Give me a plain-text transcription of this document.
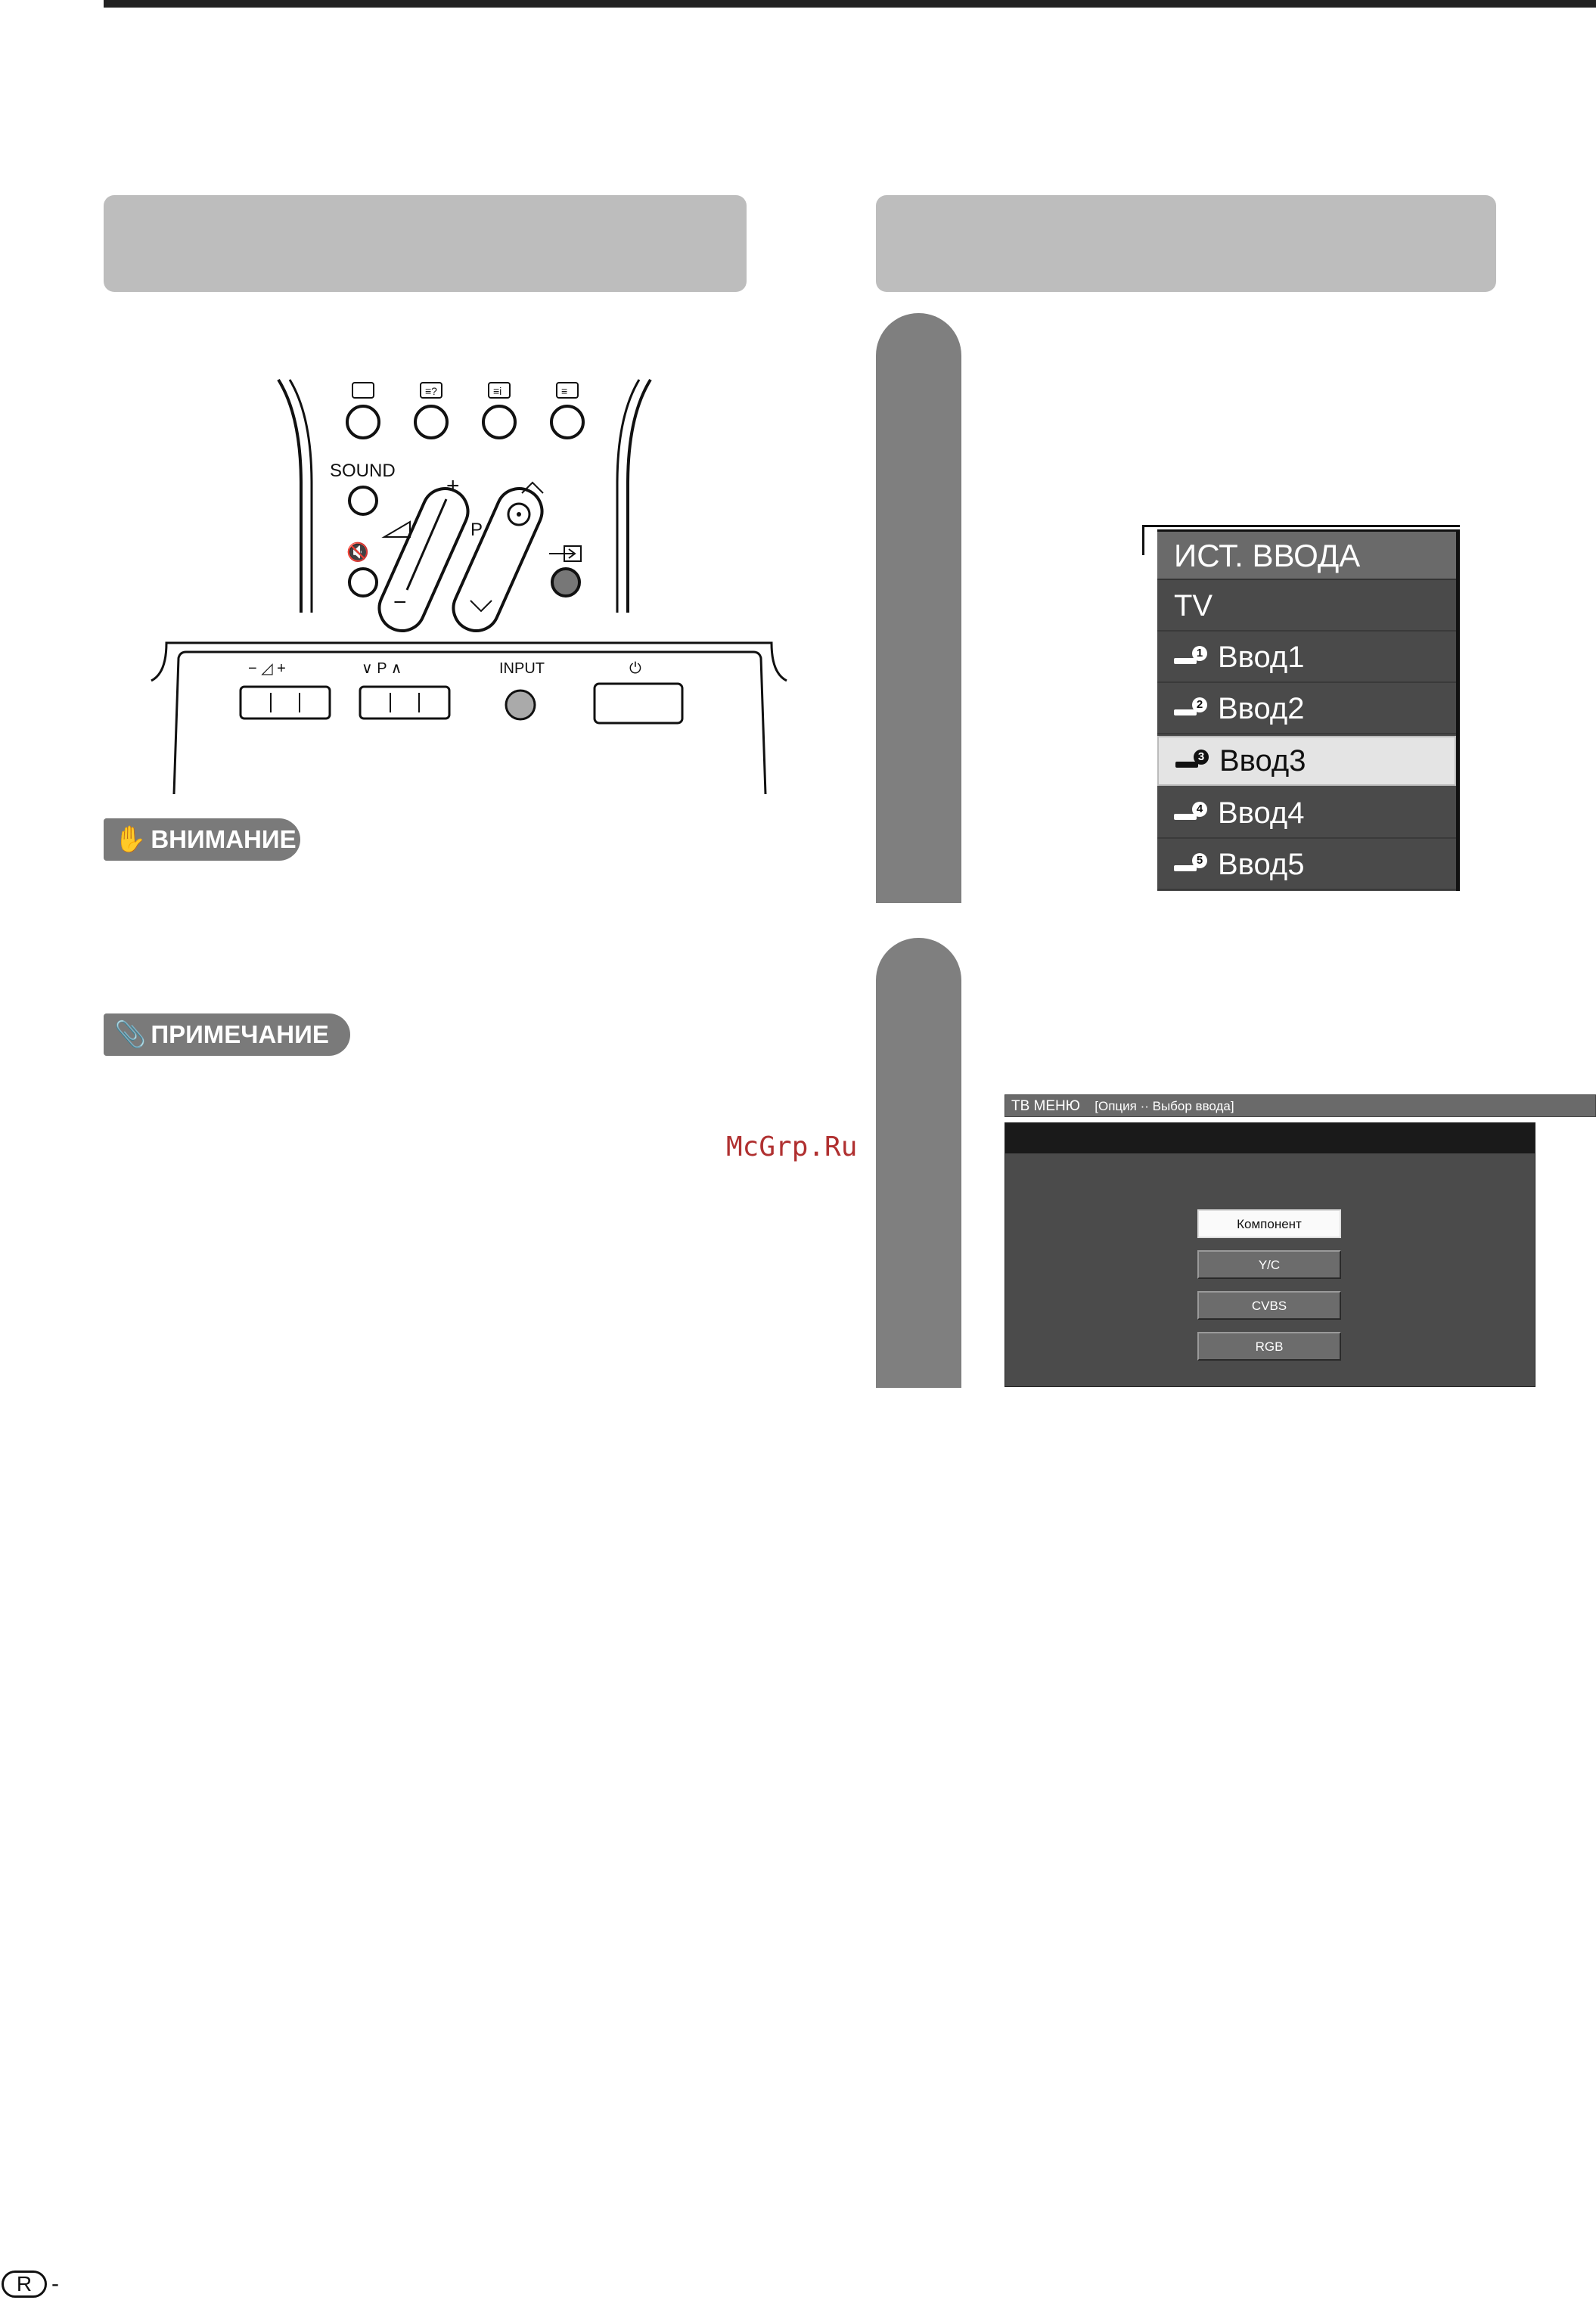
≡?	≡i	≡
SOUND
🔇
+
−
P
− ◿ +	∨ P ∧	INPUT	⏻
✋ ВНИМАНИЕ
📎 ПРИМЕЧАНИЕ
McGrp.Ru
ИСТ. ВВОДА
TV
1 Ввод1
2 Ввод2
3 Ввод3
4 Ввод4
5 Ввод5
ТВ МЕНЮ [Опция ·· Выбор ввода]
Компонент
Y/C
CVBS
RGB
R -
